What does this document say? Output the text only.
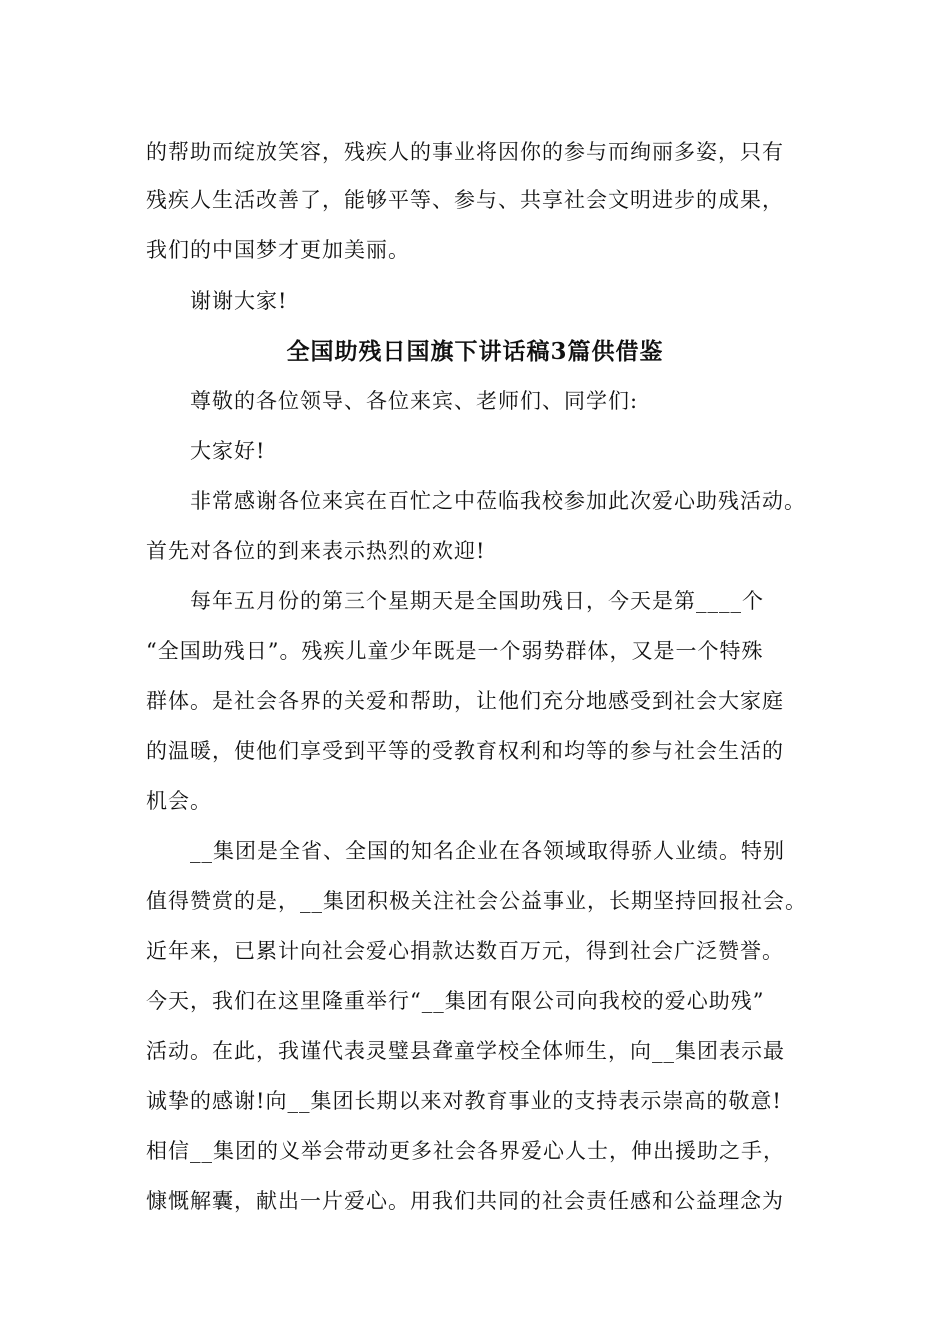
的帮助而绽放笑容，残疾人的事业将因你的参与而绚丽多姿，只有
残疾人生活改善了，能够平等、参与、共享社会文明进步的成果，
我们的中国梦才更加美丽。
谢谢大家!
全国助残日国旗下讲话稿3篇供借鉴
尊敬的各位领导、各位来宾、老师们、同学们:
大家好!
非常感谢各位来宾在百忙之中莅临我校参加此次爱心助残活动。
首先对各位的到来表示热烈的欢迎!
每年五月份的第三个星期天是全国助残日，今天是第____个
“全国助残日”。残疾儿童少年既是一个弱势群体，又是一个特殊
群体。是社会各界的关爱和帮助，让他们充分地感受到社会大家庭
的温暖，使他们享受到平等的受教育权利和均等的参与社会生活的
机会。
__集团是全省、全国的知名企业在各领域取得骄人业绩。特别
值得赞赏的是，__集团积极关注社会公益事业，长期坚持回报社会。
近年来，已累计向社会爱心捐款达数百万元，得到社会广泛赞誉。
今天，我们在这里隆重举行“__集团有限公司向我校的爱心助残”
活动。在此，我谨代表灵璧县聋童学校全体师生，向__集团表示最
诚挚的感谢!向__集团长期以来对教育事业的支持表示崇高的敬意!
相信__集团的义举会带动更多社会各界爱心人士，伸出援助之手，
慷慨解囊，献出一片爱心。用我们共同的社会责任感和公益理念为
